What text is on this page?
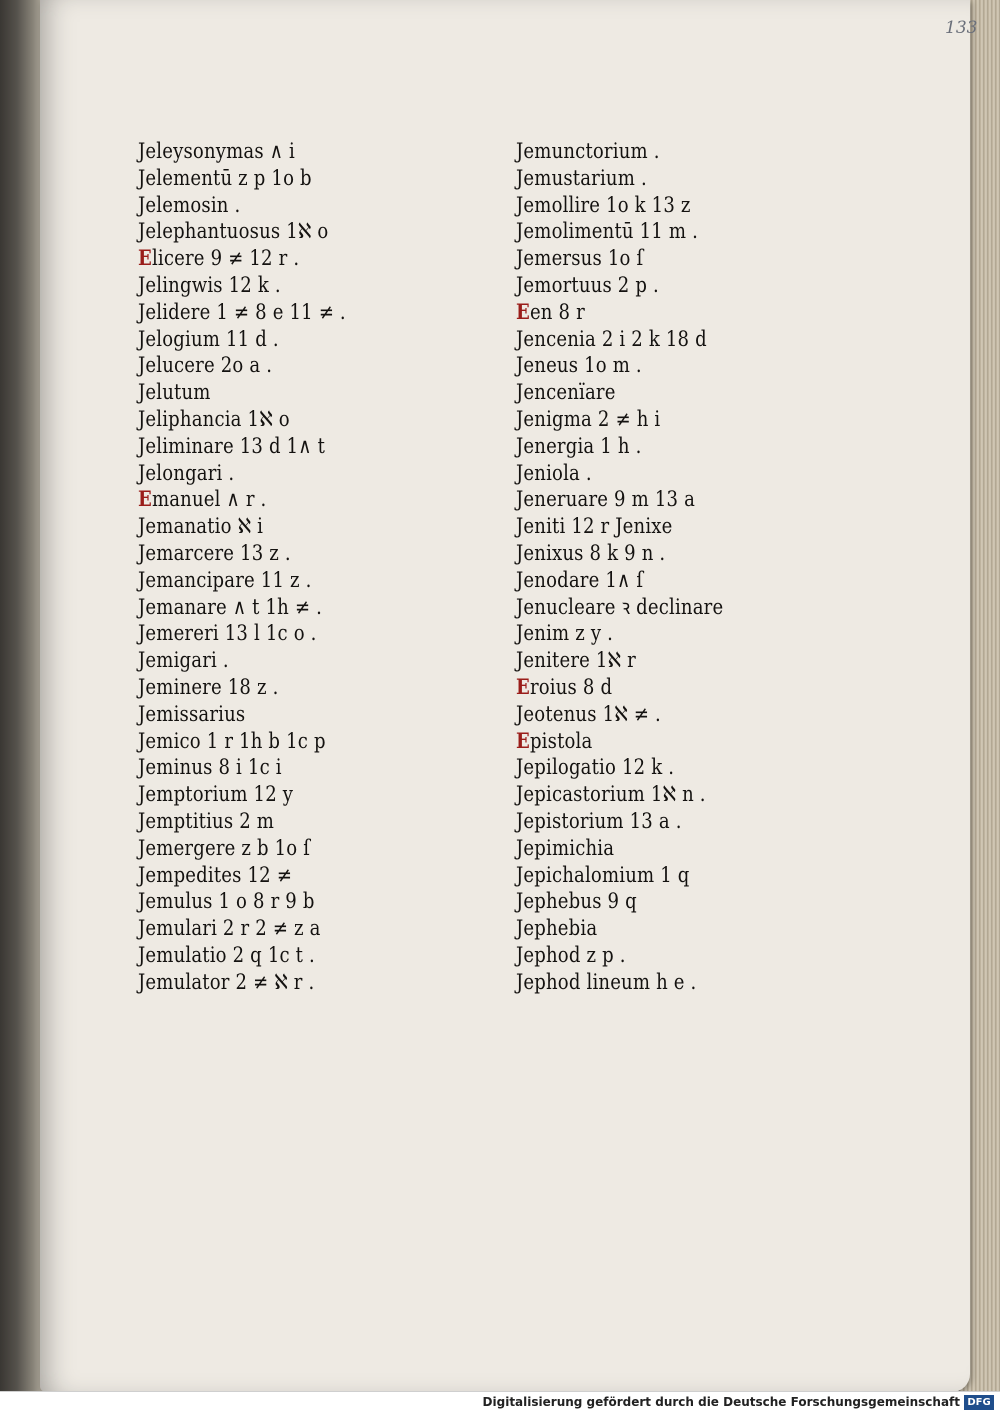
Jeleysonymas ∧ i
Jelementū z p 1o b
Jelemosin .
Jelephantuosus 1ℵ o
Elicere 9 ≠ 12 r .
Jelingwis 12 k .
Jelidere 1 ≠ 8 e 11 ≠ .
Jelogium 11 d .
Jelucere 2o a .
Jelutum
Jeliphancia 1ℵ o
Jeliminare 13 d 1∧ t
Jelongari .
Emanuel ∧ r .
Jemanatio ℵ i
Jemarcere 13 z .
Jemancipare 11 z .
Jemanare ∧ t 1h ≠ .
Jemereri 13 l 1c o .
Jemigari .
Jeminere 18 z .
Jemissarius
Jemico 1 r 1h b 1c p
Jeminus 8 i 1c i
Jemptorium 12 y
Jemptitius 2 m
Jemergere z b 1o ſ
Jempedites 12 ≠
Jemulus 1 o 8 r 9 b
Jemulari 2 r 2 ≠ z a
Jemulatio 2 q 1c t .
Jemulator 2 ≠ ℵ r .
Jemunctorium .
Jemustarium .
Jemollire 1o k 13 z
Jemolimentū 11 m .
Jemersus 1o ſ
Jemortuus 2 p .
Een 8 r
Jencenia 2 i 2 k 18 d
Jeneus 1o m .
Jencenïare
Jenigma 2 ≠ h i
Jenergia 1 h .
Jeniola .
Jeneruare 9 m 13 a
Jeniti 12 r Jenixe
Jenixus 8 k 9 n .
Jenodare 1∧ ſ
Jenucleare ꝛ declinare
Jenim z y .
Jenitere 1ℵ r
Eroius 8 d
Jeotenus 1ℵ ≠ .
Epistola
Jepilogatio 12 k .
Jepicastorium 1ℵ n .
Jepistorium 13 a .
Jepimichia
Jepichalomium 1 q
Jephebus 9 q
Jephebia
Jephod z p .
Jephod lineum h e .
133
Digitalisierung gefördert durch die Deutsche Forschungsgemeinschaft DFG
